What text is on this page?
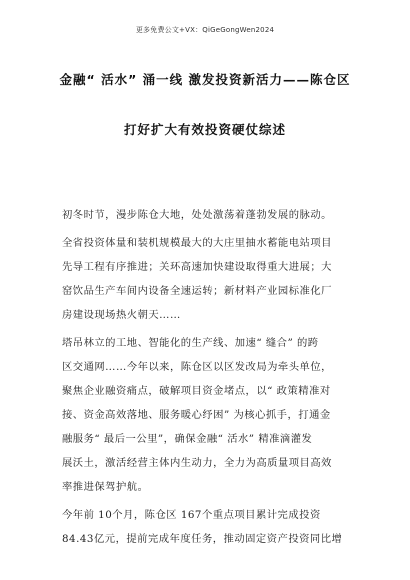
更多免费公文+VX：QiGeGongWen2024
金融“ 活水” 涌一线 激发投资新活力——陈仓区
打好扩大有效投资硬仗综述
初冬时节，漫步陈仓大地，处处激荡着蓬勃发展的脉动。
全省投资体量和装机规模最大的大庄里抽水蓄能电站项目
先导工程有序推进；关环高速加快建设取得重大进展；大
窑饮品生产车间内设备全速运转；新材料产业园标准化厂
房建设现场热火朝天……
塔吊林立的工地、智能化的生产线、加速“ 缝合” 的跨
区交通网……今年以来，陈仓区以区发改局为牵头单位，
聚焦企业融资痛点，破解项目资金堵点，以“ 政策精准对
接、资金高效落地、服务暖心纾困” 为核心抓手，打通金
融服务“ 最后一公里”，确保金融“ 活水” 精准滴灌发
展沃土，激活经营主体内生动力，全力为高质量项目高效
率推进保驾护航。
今年前 10个月，陈仓区 167个重点项目累计完成投资
84.43亿元，提前完成年度任务，推动固定资产投资同比增
